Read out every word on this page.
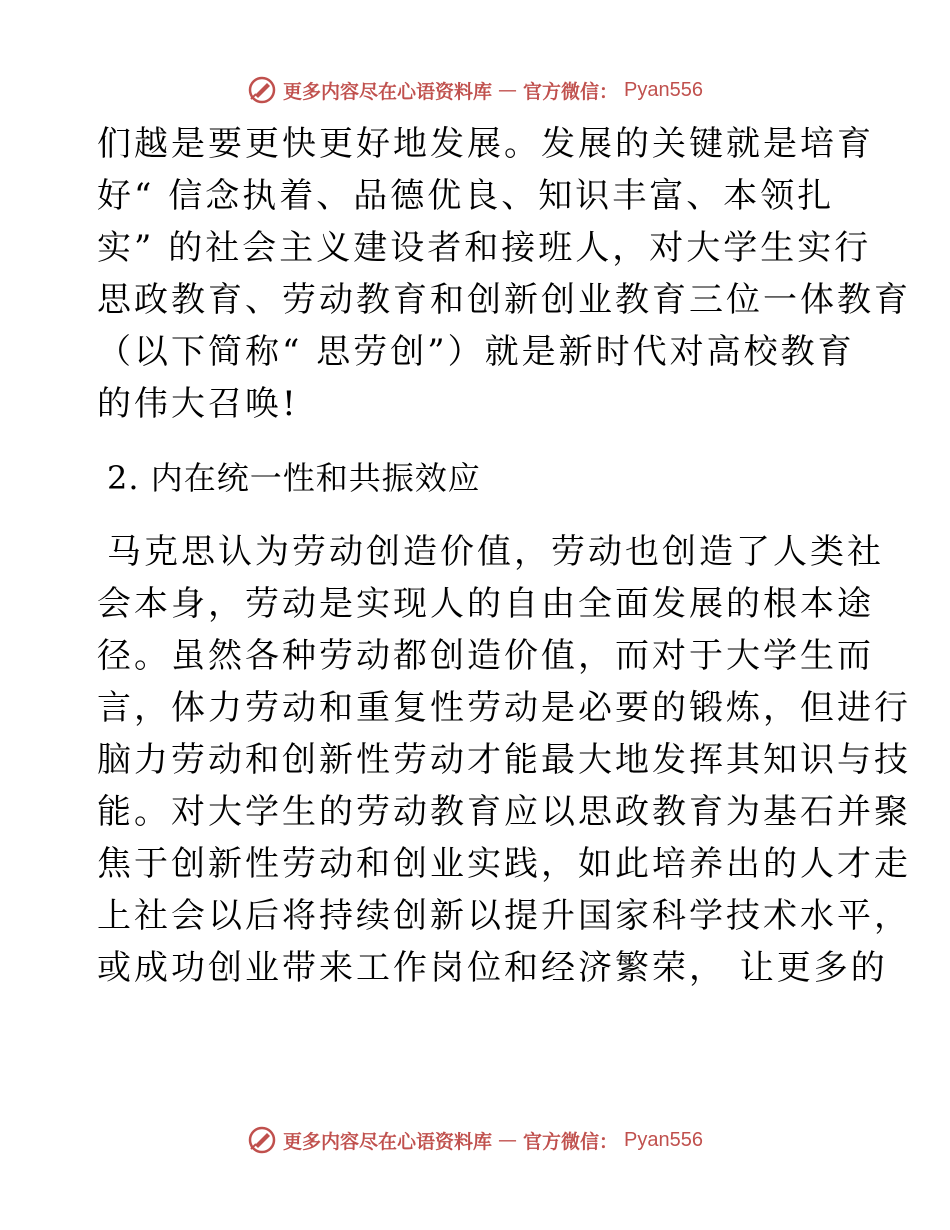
更多内容尽在心语资料库 — 官方微信： Pyan556
们越是要更快更好地发展。发展的关键就是培育
好“ 信念执着、品德优良、知识丰富、本领扎
实” 的社会主义建设者和接班人，对大学生实行
思政教育、劳动教育和创新创业教育三位一体教育
（以下简称“ 思劳创”）就是新时代对高校教育
的伟大召唤!
2. 内在统一性和共振效应
马克思认为劳动创造价值，劳动也创造了人类社
会本身，劳动是实现人的自由全面发展的根本途
径。虽然各种劳动都创造价值，而对于大学生而
言，体力劳动和重复性劳动是必要的锻炼，但进行
脑力劳动和创新性劳动才能最大地发挥其知识与技
能。对大学生的劳动教育应以思政教育为基石并聚
焦于创新性劳动和创业实践，如此培养出的人才走
上社会以后将持续创新以提升国家科学技术水平，
或成功创业带来工作岗位和经济繁荣， 让更多的
更多内容尽在心语资料库 — 官方微信： Pyan556
